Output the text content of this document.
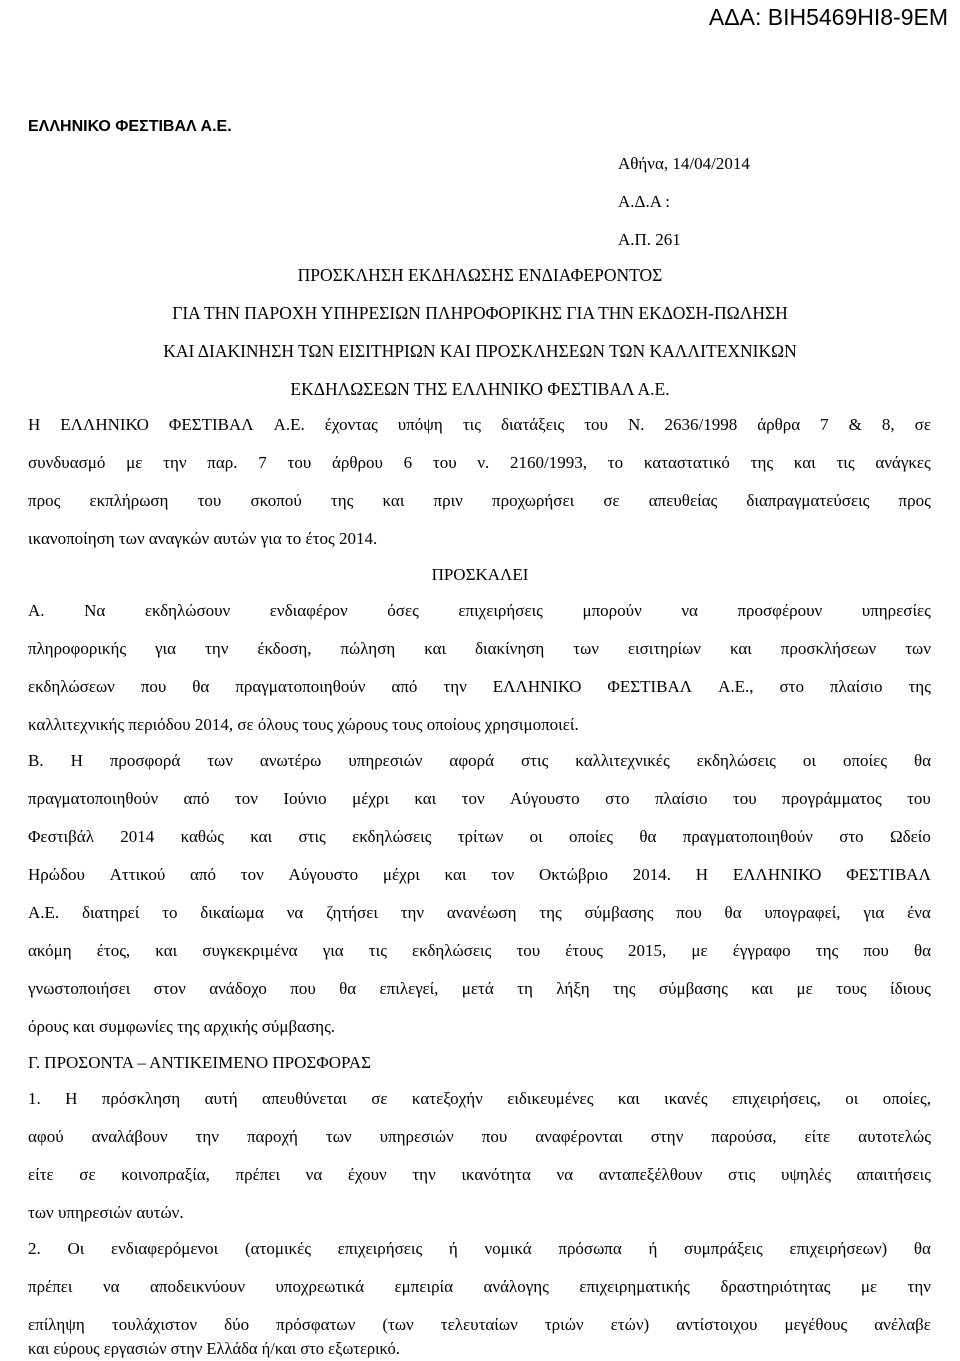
ΑΔΑ: ΒΙΗ5469ΗΙ8-9ΕΜ
ΕΛΛΗΝΙΚΟ ΦΕΣΤΙΒΑΛ Α.Ε.
Αθήνα, 14/04/2014
Α.Δ.Α :
Α.Π. 261
ΠΡΟΣΚΛΗΣΗ ΕΚΔΗΛΩΣΗΣ ΕΝΔΙΑΦΕΡΟΝΤΟΣ
ΓΙΑ ΤΗΝ ΠΑΡΟΧΗ ΥΠΗΡΕΣΙΩΝ ΠΛΗΡΟΦΟΡΙΚΗΣ ΓΙΑ ΤΗΝ ΕΚΔΟΣΗ-ΠΩΛΗΣΗ
ΚΑΙ ΔΙΑΚΙΝΗΣΗ ΤΩΝ ΕΙΣΙΤΗΡΙΩΝ ΚΑΙ ΠΡΟΣΚΛΗΣΕΩΝ ΤΩΝ ΚΑΛΛΙΤΕΧΝΙΚΩΝ
ΕΚΔΗΛΩΣΕΩΝ ΤΗΣ ΕΛΛΗΝΙΚΟ ΦΕΣΤΙΒΑΛ Α.Ε.
Η ΕΛΛΗΝΙΚΟ ΦΕΣΤΙΒΑΛ Α.Ε. έχοντας υπόψη τις διατάξεις του Ν. 2636/1998 άρθρα 7 & 8, σε
συνδυασμό με την παρ. 7 του άρθρου 6 του ν. 2160/1993, το καταστατικό της και τις ανάγκες
προς εκπλήρωση του σκοπού της και πριν προχωρήσει σε απευθείας διαπραγματεύσεις προς
ικανοποίηση των αναγκών αυτών για το έτος 2014.
ΠΡΟΣΚΑΛΕΙ
Α. Να εκδηλώσουν ενδιαφέρον όσες επιχειρήσεις μπορούν να προσφέρουν υπηρεσίες
πληροφορικής για την έκδοση, πώληση και διακίνηση των εισιτηρίων και προσκλήσεων των
εκδηλώσεων που θα πραγματοποιηθούν από την ΕΛΛΗΝΙΚΟ ΦΕΣΤΙΒΑΛ Α.Ε., στο πλαίσιο της
καλλιτεχνικής περιόδου 2014, σε όλους τους χώρους τους οποίους χρησιμοποιεί.
Β. Η προσφορά των ανωτέρω υπηρεσιών αφορά στις καλλιτεχνικές εκδηλώσεις οι οποίες θα
πραγματοποιηθούν από τον Ιούνιο μέχρι και τον Αύγουστο στο πλαίσιο του προγράμματος του
Φεστιβάλ 2014 καθώς και στις εκδηλώσεις τρίτων οι οποίες θα πραγματοποιηθούν στο Ωδείο
Ηρώδου Αττικού από τον Αύγουστο μέχρι και τον Οκτώβριο 2014. Η ΕΛΛΗΝΙΚΟ ΦΕΣΤΙΒΑΛ
Α.Ε. διατηρεί το δικαίωμα να ζητήσει την ανανέωση της σύμβασης που θα υπογραφεί, για ένα
ακόμη έτος, και συγκεκριμένα για τις εκδηλώσεις του έτους 2015, με έγγραφο της που θα
γνωστοποιήσει στον ανάδοχο που θα επιλεγεί, μετά τη λήξη της σύμβασης και με τους ίδιους
όρους και συμφωνίες της αρχικής σύμβασης.
Γ. ΠΡΟΣΟΝΤΑ – ΑΝΤΙΚΕΙΜΕΝΟ ΠΡΟΣΦΟΡΑΣ
1. Η πρόσκληση αυτή απευθύνεται σε κατεξοχήν ειδικευμένες και ικανές επιχειρήσεις, οι οποίες,
αφού αναλάβουν την παροχή των υπηρεσιών που αναφέρονται στην παρούσα, είτε αυτοτελώς
είτε σε κοινοπραξία, πρέπει να έχουν την ικανότητα να ανταπεξέλθουν στις υψηλές απαιτήσεις
των υπηρεσιών αυτών.
2. Οι ενδιαφερόμενοι (ατομικές επιχειρήσεις ή νομικά πρόσωπα ή συμπράξεις επιχειρήσεων) θα
πρέπει να αποδεικνύουν υποχρεωτικά εμπειρία ανάλογης επιχειρηματικής δραστηριότητας με την
επίληψη τουλάχιστον δύο πρόσφατων (των τελευταίων τριών ετών) αντίστοιχου μεγέθους ανέλαβε
και εύρους εργασιών στην Ελλάδα ή/και στο εξωτερικό.
